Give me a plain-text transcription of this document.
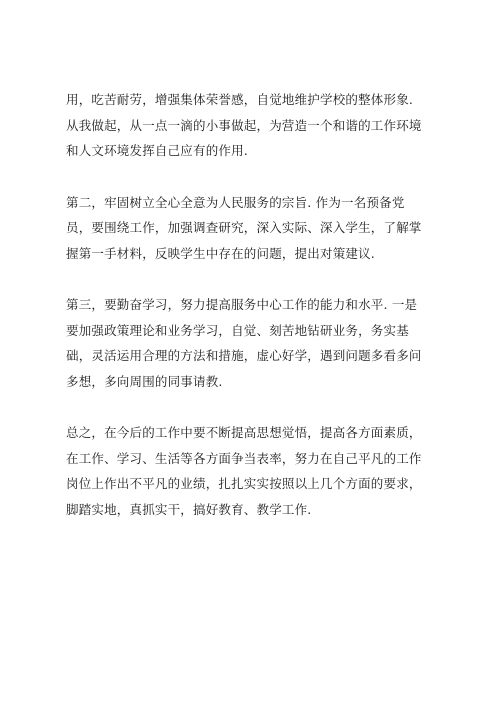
用，吃苦耐劳，增强集体荣誉感，自觉地维护学校的整体形象.
从我做起，从一点一滴的小事做起，为营造一个和谐的工作环境
和人文环境发挥自己应有的作用.

第二，牢固树立全心全意为人民服务的宗旨. 作为一名预备党
员，要围绕工作，加强调查研究，深入实际、深入学生，了解掌
握第一手材料，反映学生中存在的问题，提出对策建议.

第三，要勤奋学习，努力提高服务中心工作的能力和水平. 一是
要加强政策理论和业务学习，自觉、刻苦地钻研业务，务实基
础，灵活运用合理的方法和措施，虚心好学，遇到问题多看多问
多想，多向周围的同事请教.

总之，在今后的工作中要不断提高思想觉悟，提高各方面素质，
在工作、学习、生活等各方面争当表率，努力在自己平凡的工作
岗位上作出不平凡的业绩，扎扎实实按照以上几个方面的要求，
脚踏实地，真抓实干，搞好教育、教学工作.
